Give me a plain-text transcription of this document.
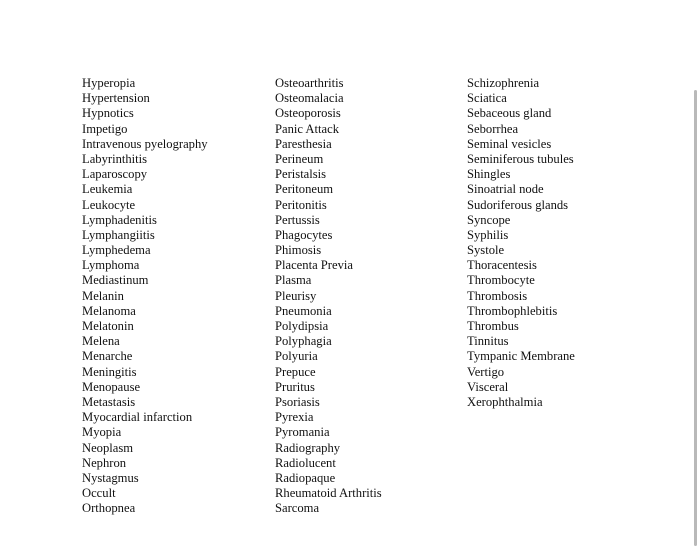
Hyperopia
Hypertension
Hypnotics
Impetigo
Intravenous pyelography
Labyrinthitis
Laparoscopy
Leukemia
Leukocyte
Lymphadenitis
Lymphangiitis
Lymphedema
Lymphoma
Mediastinum
Melanin
Melanoma
Melatonin
Melena
Menarche
Meningitis
Menopause
Metastasis
Myocardial infarction
Myopia
Neoplasm
Nephron
Nystagmus
Occult
Orthopnea
Osteoarthritis
Osteomalacia
Osteoporosis
Panic Attack
Paresthesia
Perineum
Peristalsis
Peritoneum
Peritonitis
Pertussis
Phagocytes
Phimosis
Placenta Previa
Plasma
Pleurisy
Pneumonia
Polydipsia
Polyphagia
Polyuria
Prepuce
Pruritus
Psoriasis
Pyrexia
Pyromania
Radiography
Radiolucent
Radiopaque
Rheumatoid Arthritis
Sarcoma
Schizophrenia
Sciatica
Sebaceous gland
Seborrhea
Seminal vesicles
Seminiferous tubules
Shingles
Sinoatrial node
Sudoriferous glands
Syncope
Syphilis
Systole
Thoracentesis
Thrombocyte
Thrombosis
Thrombophlebitis
Thrombus
Tinnitus
Tympanic Membrane
Vertigo
Visceral
Xerophthalmia
